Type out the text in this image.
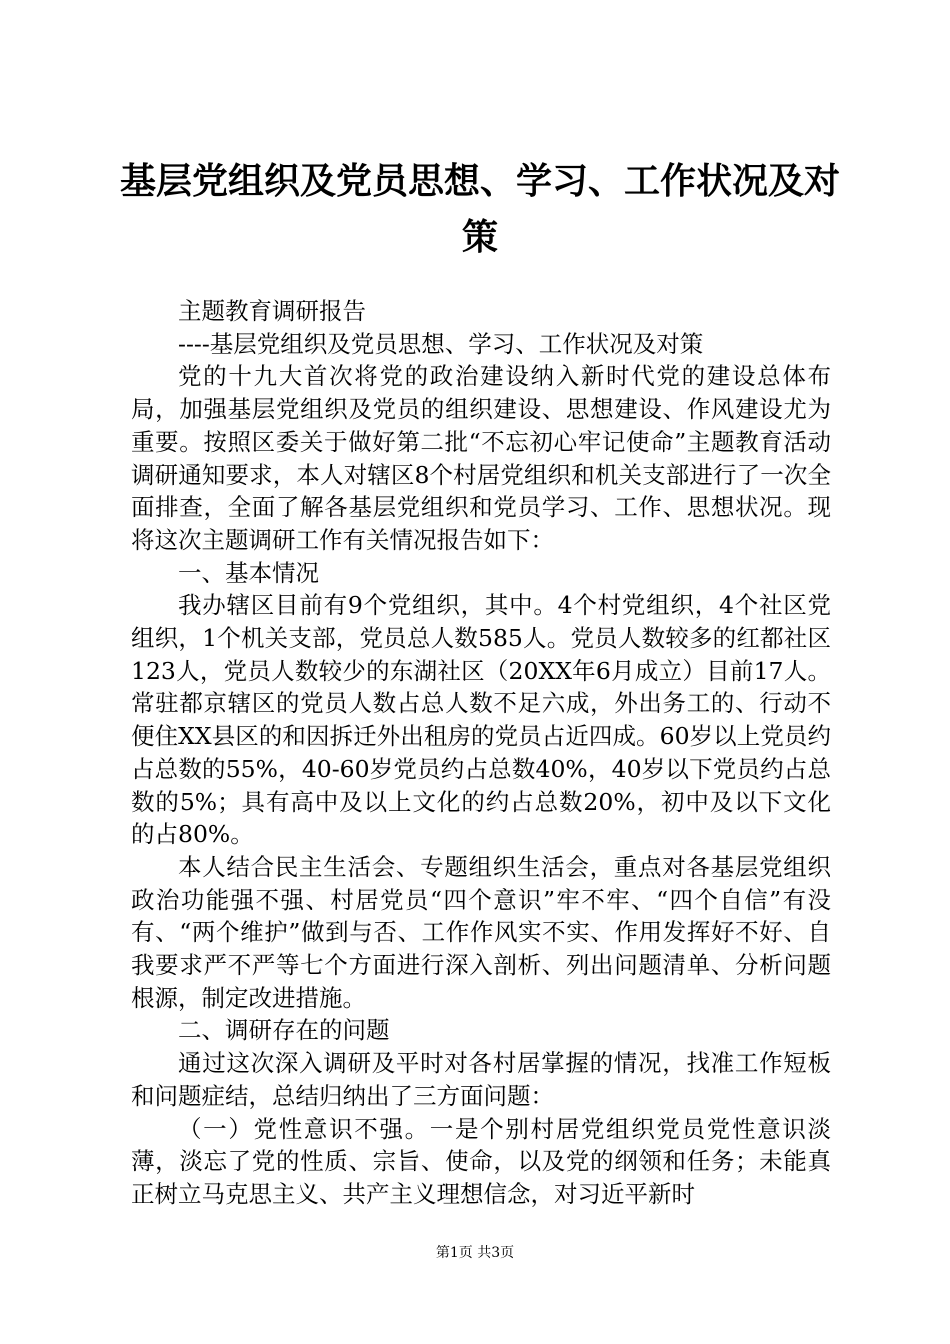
基层党组织及党员思想、学习、工作状况及对策

主题教育调研报告

----基层党组织及党员思想、学习、工作状况及对策

党的十九大首次将党的政治建设纳入新时代党的建设总体布局，加强基层党组织及党员的组织建设、思想建设、作风建设尤为重要。按照区委关于做好第二批“不忘初心牢记使命”主题教育活动调研通知要求，本人对辖区8个村居党组织和机关支部进行了一次全面排查，全面了解各基层党组织和党员学习、工作、思想状况。现将这次主题调研工作有关情况报告如下：

一、基本情况

我办辖区目前有9个党组织，其中。4个村党组织，4个社区党组织，1个机关支部，党员总人数585人。党员人数较多的红都社区123人，党员人数较少的东湖社区（20XX年6月成立）目前17人。常驻都京辖区的党员人数占总人数不足六成，外出务工的、行动不便住XX县区的和因拆迁外出租房的党员占近四成。60岁以上党员约占总数的55%，40-60岁党员约占总数40%，40岁以下党员约占总数的5%；具有高中及以上文化的约占总数20%，初中及以下文化的占80%。

本人结合民主生活会、专题组织生活会，重点对各基层党组织政治功能强不强、村居党员“四个意识”牢不牢、“四个自信”有没有、“两个维护”做到与否、工作作风实不实、作用发挥好不好、自我要求严不严等七个方面进行深入剖析、列出问题清单、分析问题根源，制定改进措施。

二、调研存在的问题

通过这次深入调研及平时对各村居掌握的情况，找准工作短板和问题症结，总结归纳出了三方面问题：

（一）党性意识不强。一是个别村居党组织党员党性意识淡薄，淡忘了党的性质、宗旨、使命，以及党的纲领和任务；未能真正树立马克思主义、共产主义理想信念，对习近平新时

第1页 共3页
